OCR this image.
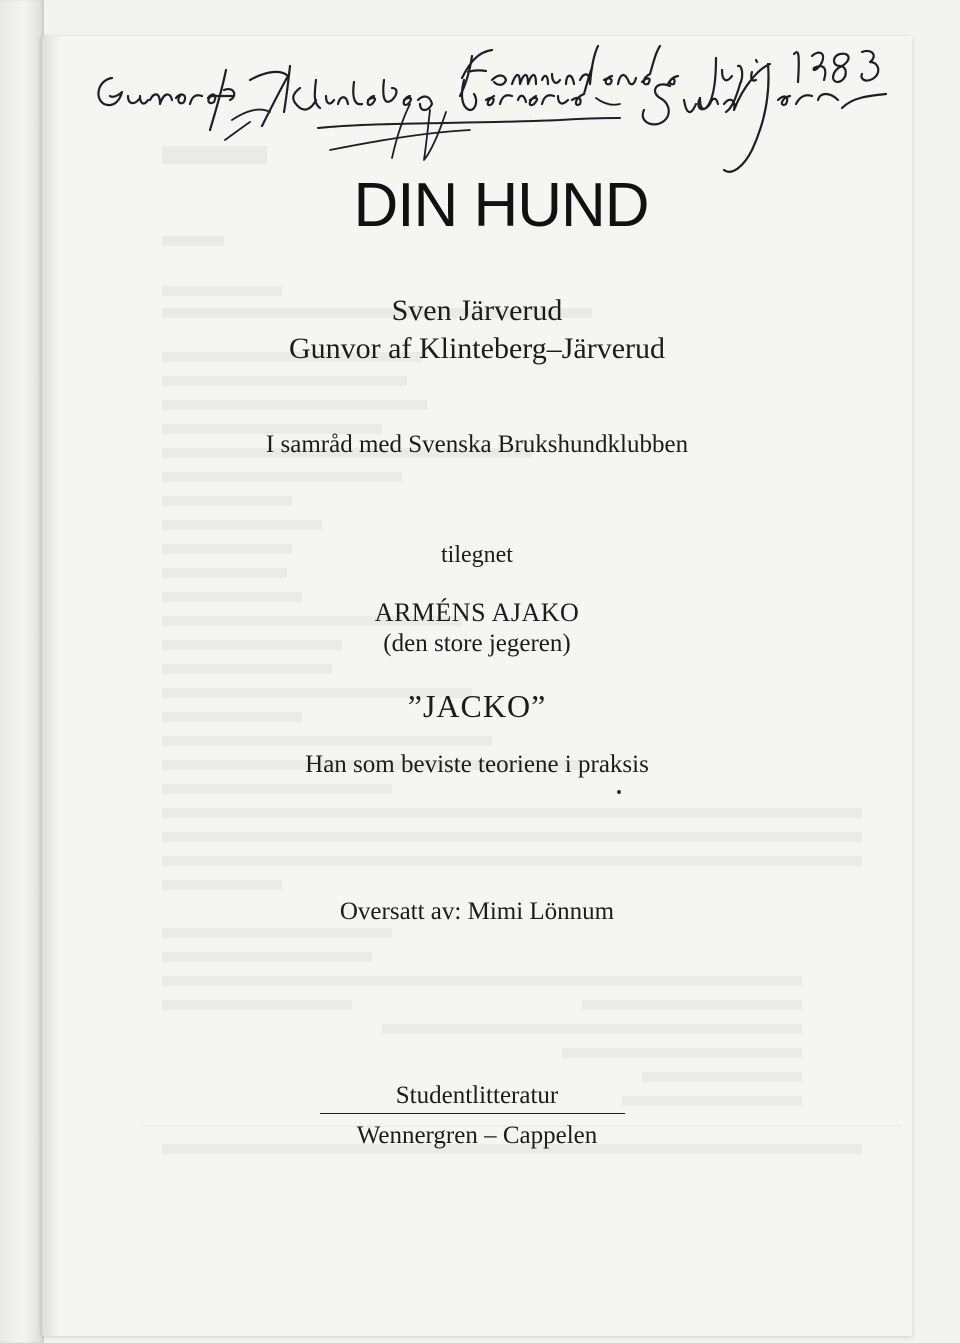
DIN HUND
Sven Järverud
Gunvor af Klinteberg–Järverud
I samråd med Svenska Brukshundklubben
tilegnet
ARMÉNS AJAKO
(den store jegeren)
”JACKO”
Han som beviste teoriene i praksis
Oversatt av: Mimi Lönnum
Studentlitteratur
Wennergren – Cappelen
